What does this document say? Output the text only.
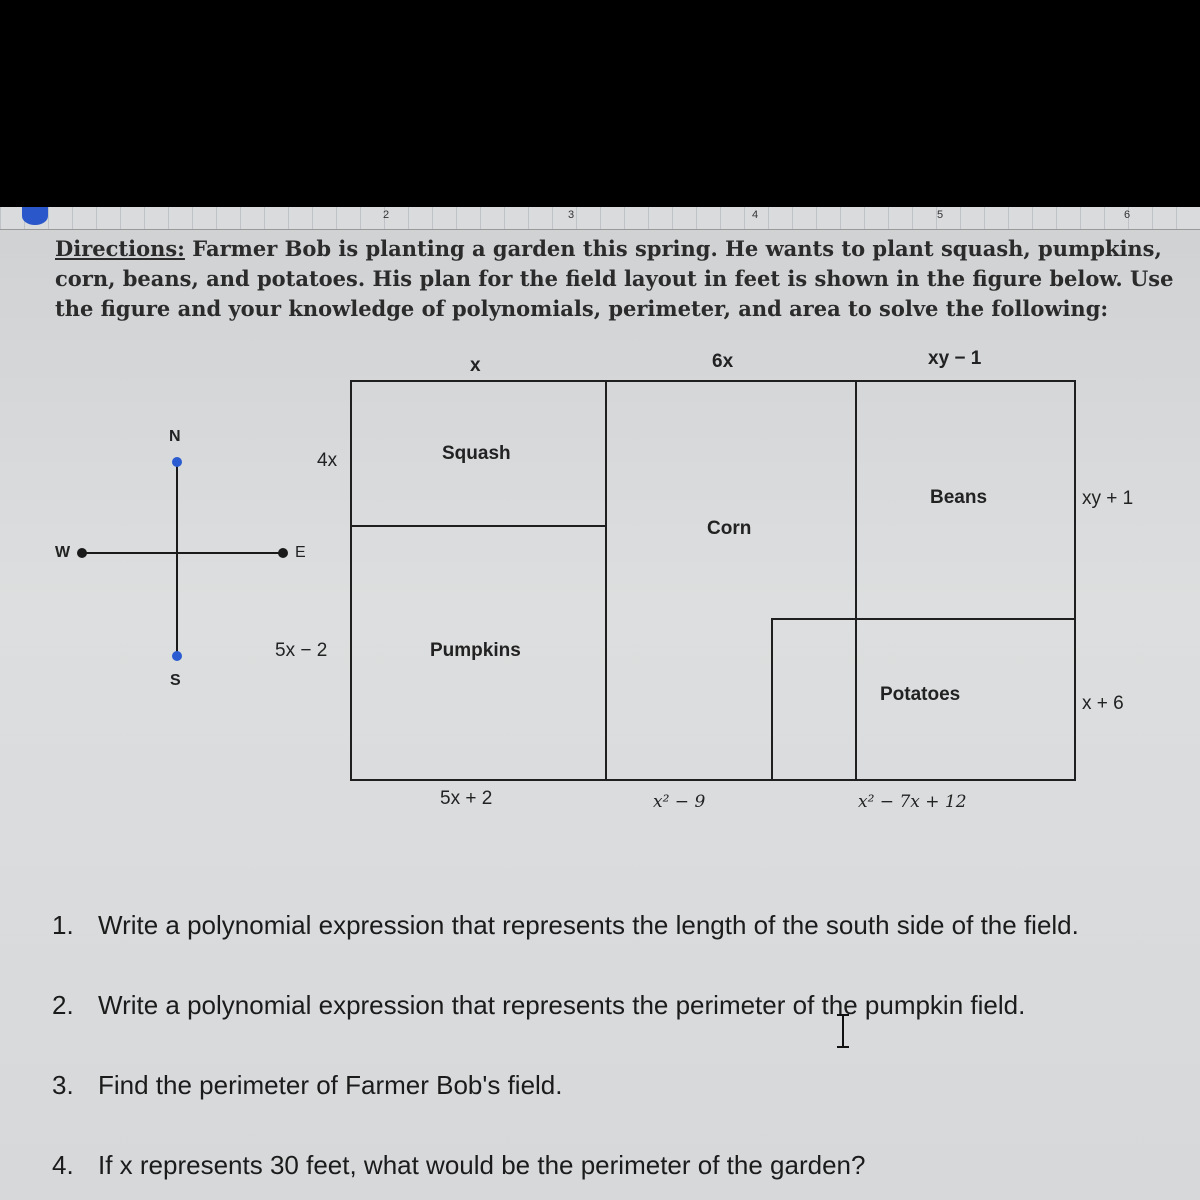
2	3	4	5	6
Directions: Farmer Bob is planting a garden this spring. He wants to plant squash, pumpkins, corn, beans, and potatoes. His plan for the field layout in feet is shown in the figure below. Use the figure and your knowledge of polynomials, perimeter, and area to solve the following:
N
S
W	E
x	6x	xy − 1
4x
5x − 2
xy + 1
x + 6
Squash
Pumpkins
Corn
Beans
Potatoes
5x + 2	x² − 9	x² − 7x + 12
1. Write a polynomial expression that represents the length of the south side of the field.
2. Write a polynomial expression that represents the perimeter of the pumpkin field.
3. Find the perimeter of Farmer Bob's field.
4. If x represents 30 feet, what would be the perimeter of the garden?
